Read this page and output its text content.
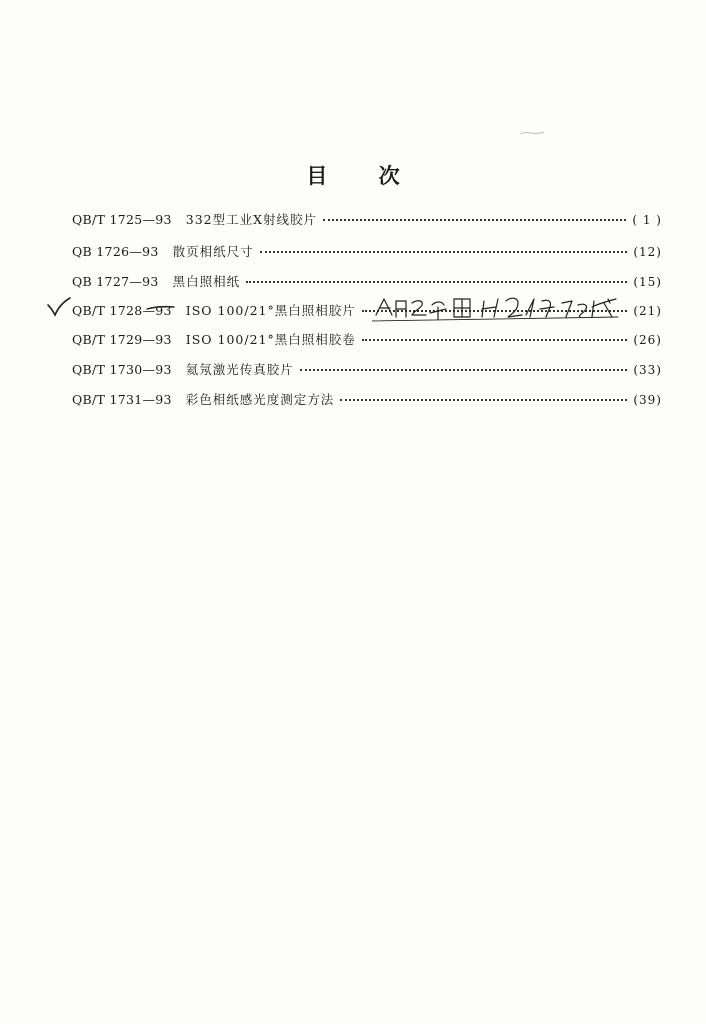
目 次
QB/T 1725—93 332型工业X射线胶片	( 1 )
QB 1726—93 散页相纸尺寸	(12)
QB 1727—93 黑白照相纸	(15)
QB/T 1728—93 ISO 100/21°黑白照相胶片	(21)
QB/T 1729—93 ISO 100/21°黑白照相胶卷	(26)
QB/T 1730—93 氦氖激光传真胶片	(33)
QB/T 1731—93 彩色相纸感光度测定方法	(39)
